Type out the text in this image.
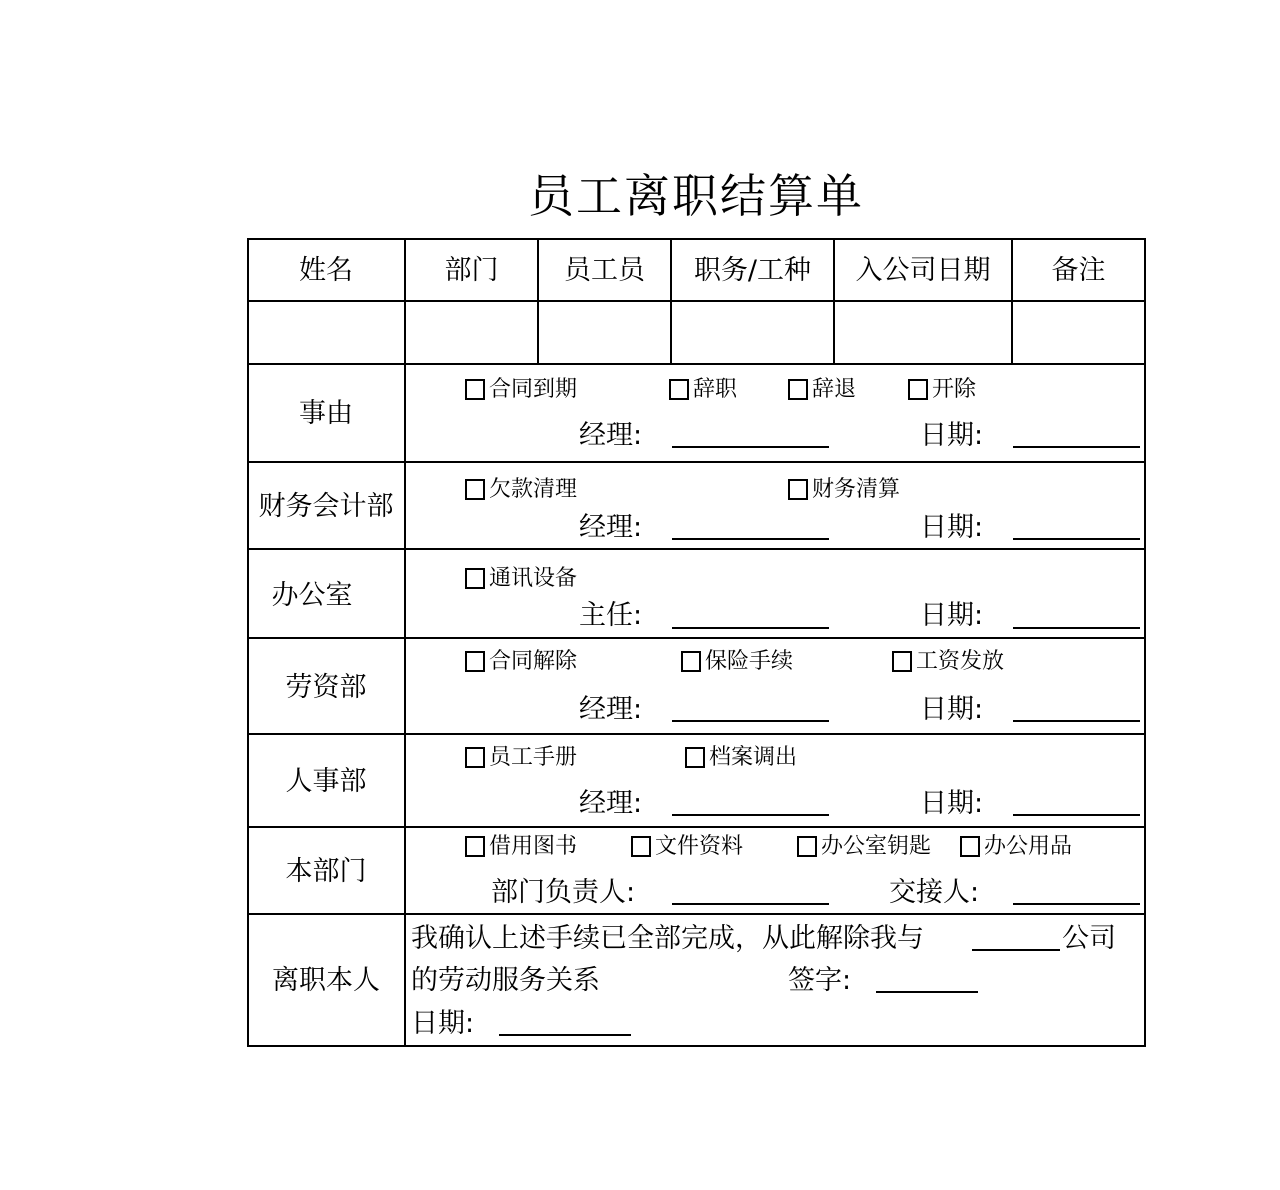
员工离职结算单
姓名	部门	员工员	职务/工种	入公司日期	备注
事由
合同到期	辞职	辞退	开除
经理:	日期:
财务会计部
欠款清理	财务清算
经理:	日期:
办公室
通讯设备
主任:	日期:
劳资部
合同解除	保险手续	工资发放
经理:	日期:
人事部
员工手册	档案调出
经理:	日期:
本部门
借用图书	文件资料	办公室钥匙 办公用品
部门负责人:	交接人:
离职本人
我确认上述手续已全部完成，从此解除我与	公司
的劳动服务关系	签字:
日期:
